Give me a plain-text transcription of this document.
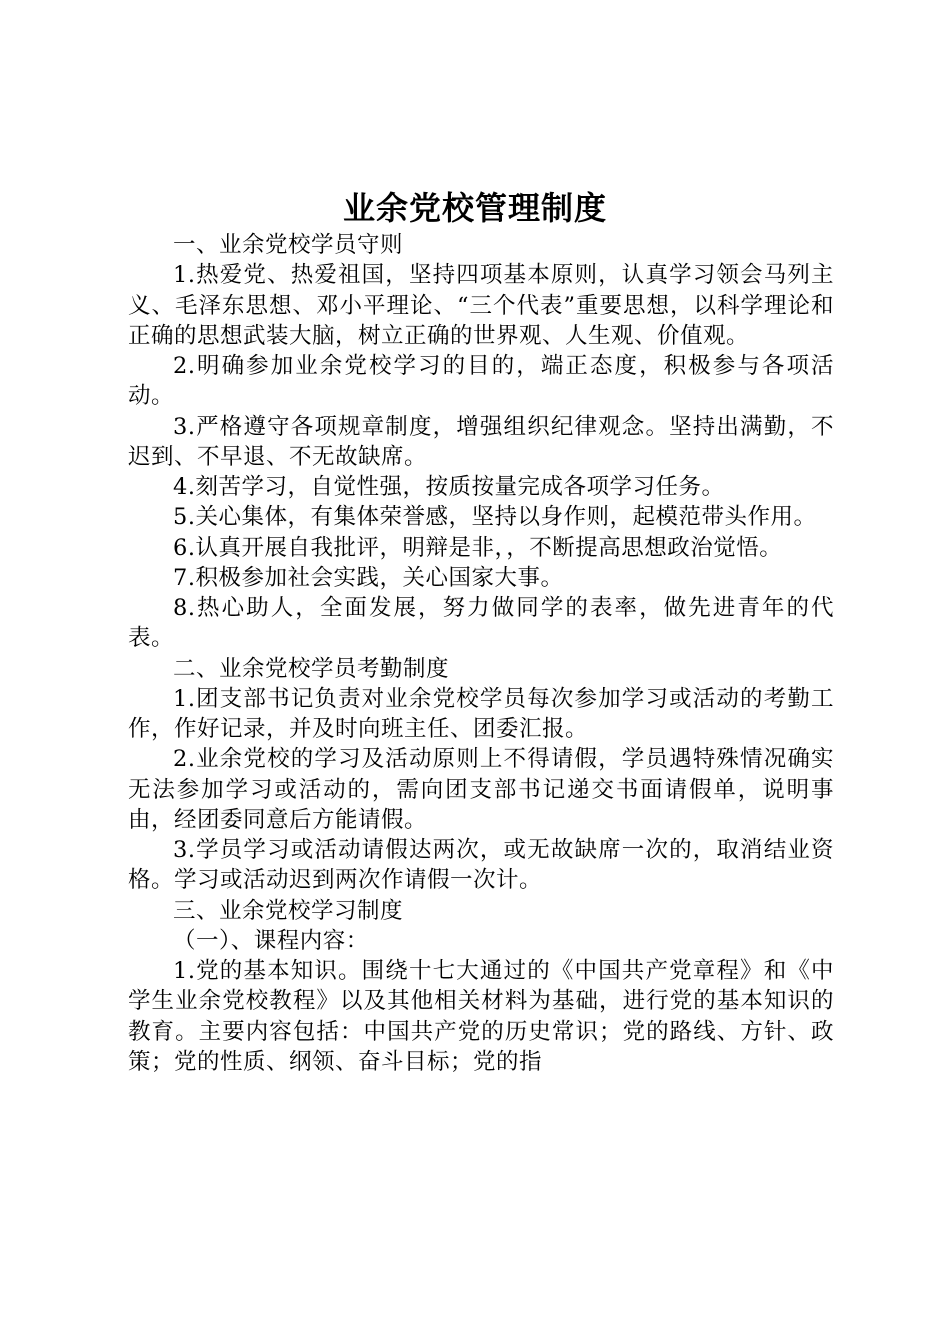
业余党校管理制度

一、业余党校学员守则

1.热爱党、热爱祖国，坚持四项基本原则，认真学习领会马列主义、毛泽东思想、邓小平理论、“三个代表”重要思想，以科学理论和正确的思想武装大脑，树立正确的世界观、人生观、价值观。

2.明确参加业余党校学习的目的，端正态度，积极参与各项活动。

3.严格遵守各项规章制度，增强组织纪律观念。坚持出满勤，不迟到、不早退、不无故缺席。

4.刻苦学习，自觉性强，按质按量完成各项学习任务。

5.关心集体，有集体荣誉感，坚持以身作则，起模范带头作用。

6.认真开展自我批评，明辩是非，，不断提高思想政治觉悟。

7.积极参加社会实践，关心国家大事。

8.热心助人，全面发展，努力做同学的表率，做先进青年的代表。

二、业余党校学员考勤制度

1.团支部书记负责对业余党校学员每次参加学习或活动的考勤工作，作好记录，并及时向班主任、团委汇报。

2.业余党校的学习及活动原则上不得请假，学员遇特殊情况确实无法参加学习或活动的，需向团支部书记递交书面请假单，说明事由，经团委同意后方能请假。

3.学员学习或活动请假达两次，或无故缺席一次的，取消结业资格。学习或活动迟到两次作请假一次计。

三、业余党校学习制度

（一）、课程内容：

1.党的基本知识。围绕十七大通过的《中国共产党章程》和《中学生业余党校教程》以及其他相关材料为基础，进行党的基本知识的教育。主要内容包括：中国共产党的历史常识；党的路线、方针、政策；党的性质、纲领、奋斗目标；党的指
